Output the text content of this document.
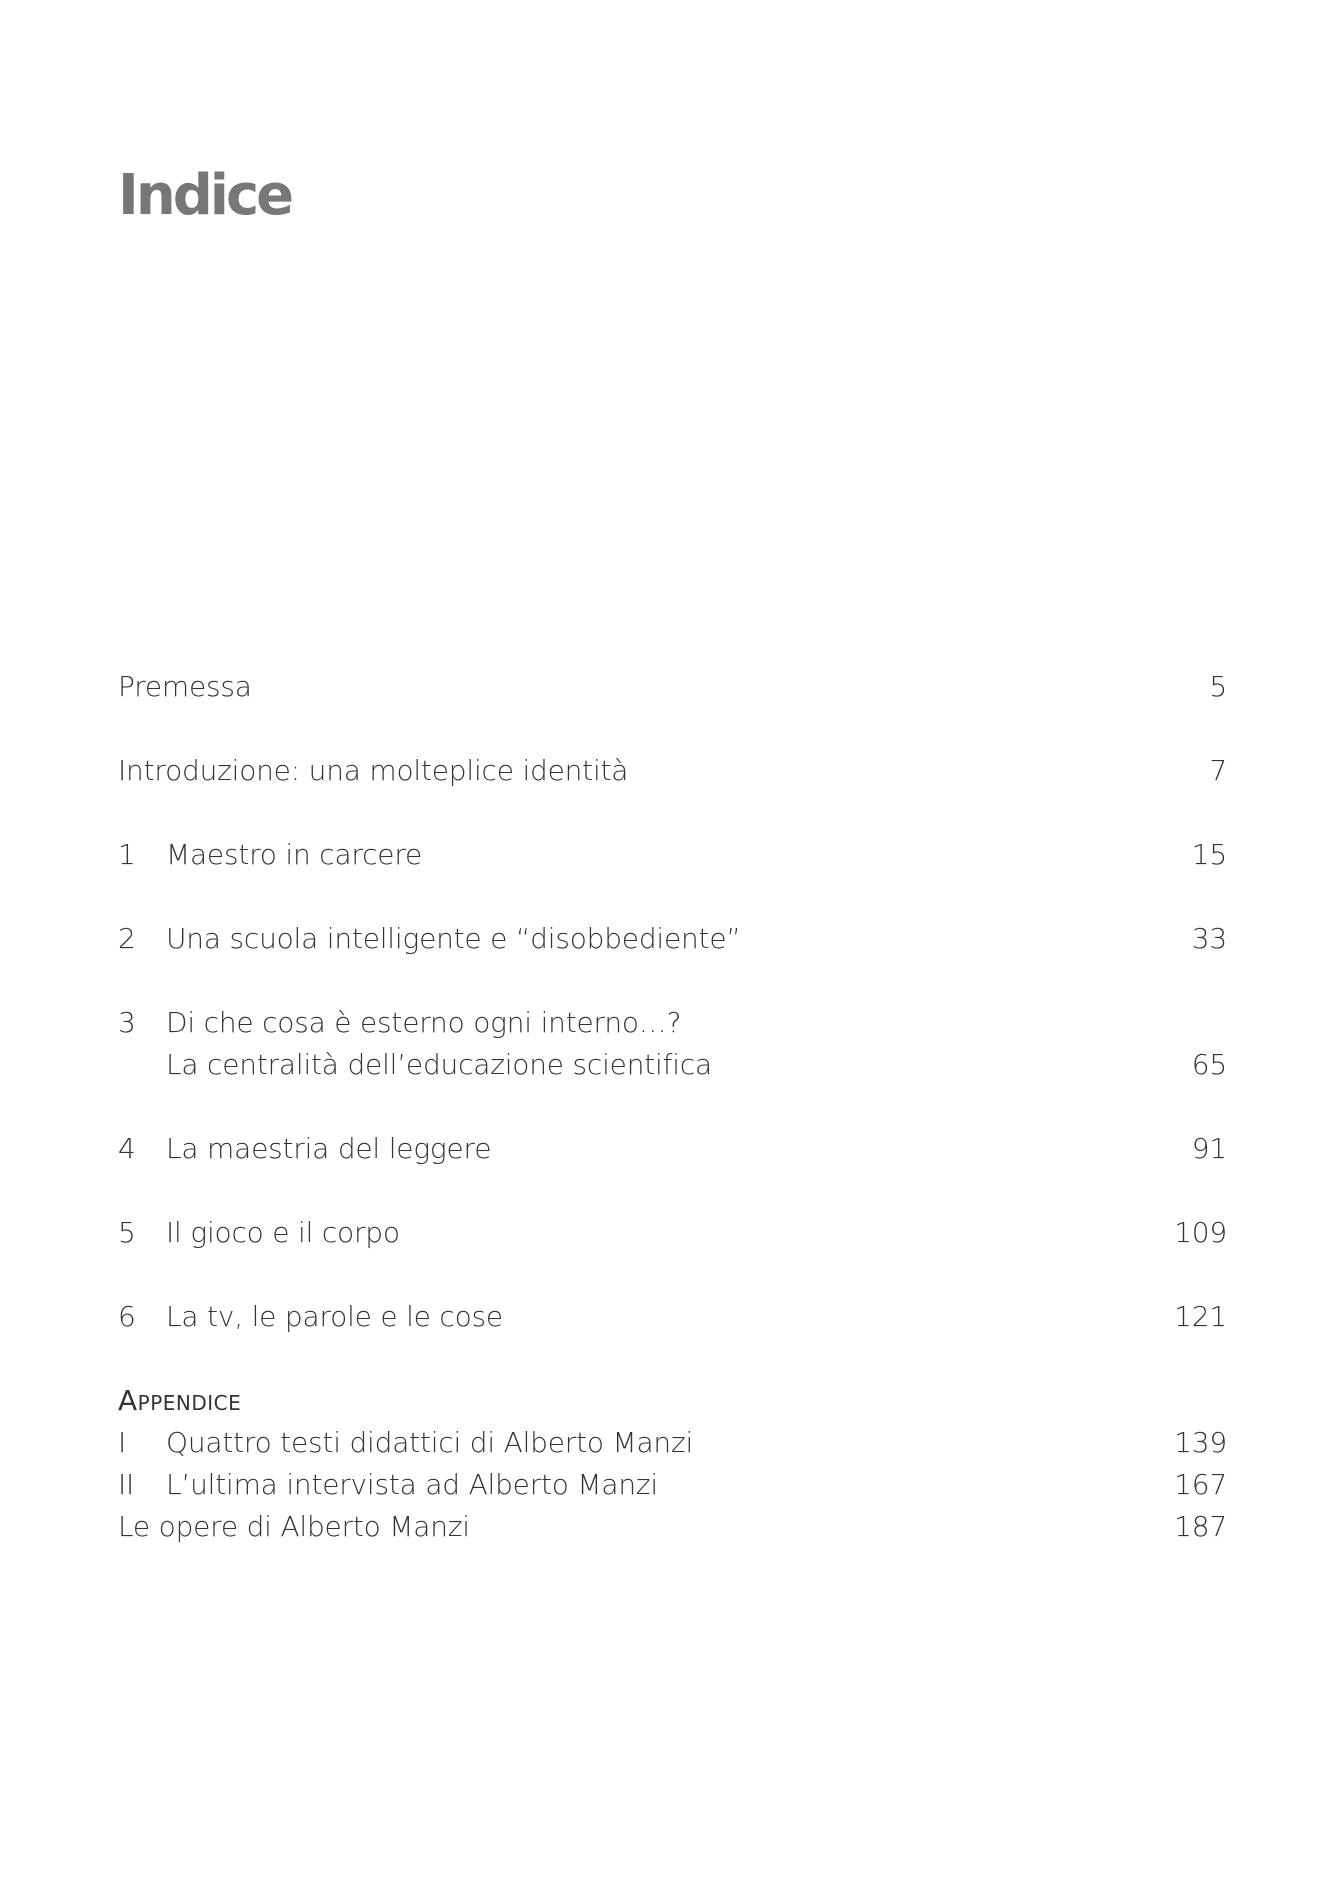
Indice
Premessa	5
Introduzione: una molteplice identità	7
1 Maestro in carcere	15
2 Una scuola intelligente e “disobbediente”	33
3 Di che cosa è esterno ogni interno…?
La centralità dell’educazione scientifica	65
4 La maestria del leggere	91
5 Il gioco e il corpo	109
6 La tv, le parole e le cose	121
Appendice
I Quattro testi didattici di Alberto Manzi	139
II L’ultima intervista ad Alberto Manzi	167
Le opere di Alberto Manzi	187
